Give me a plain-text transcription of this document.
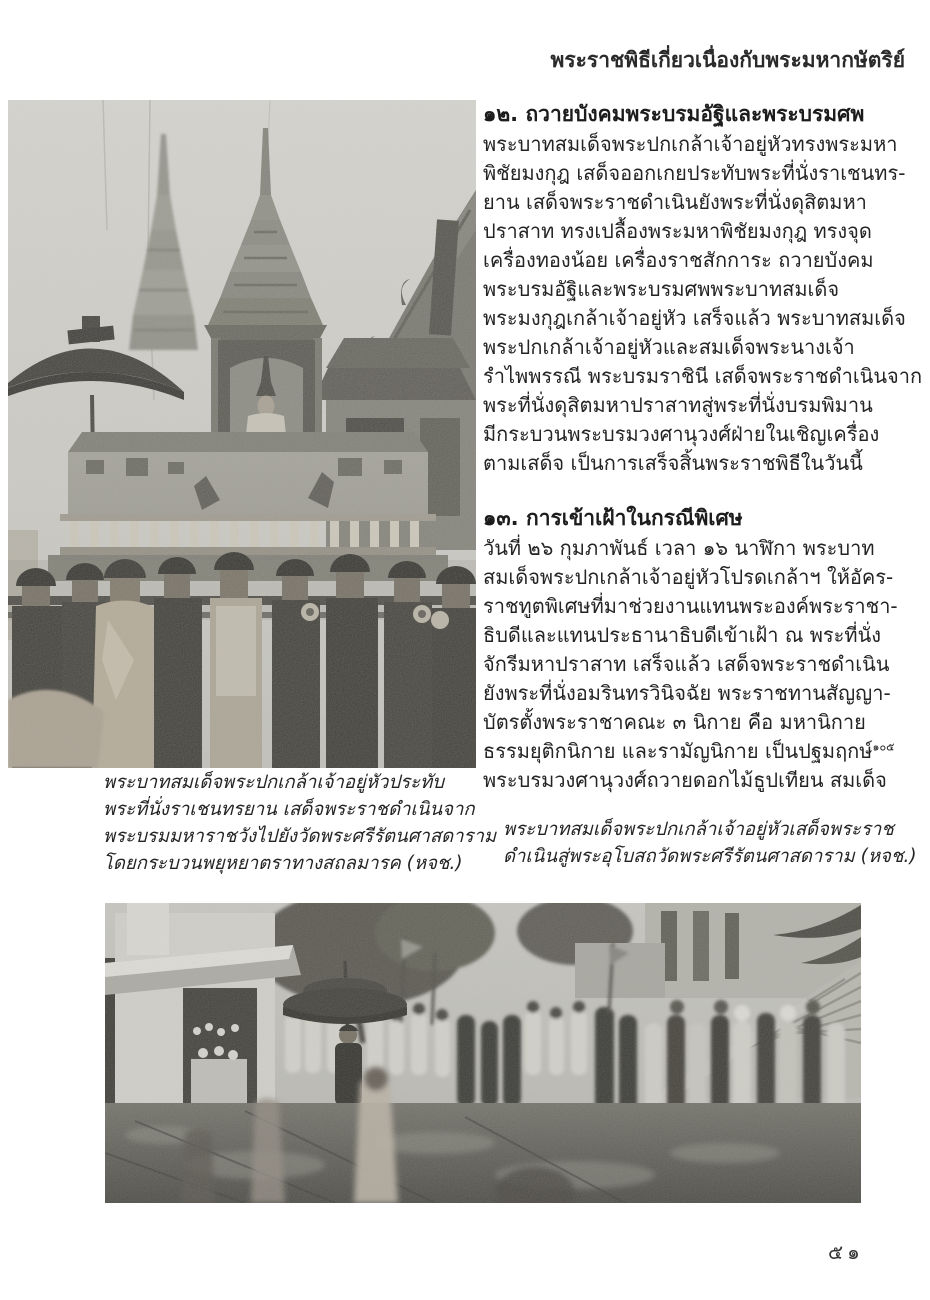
พระราชพิธีเกี่ยวเนื่องกับพระมหากษัตริย์
๑๒. ถวายบังคมพระบรมอัฐิและพระบรมศพ
พระบาทสมเด็จพระปกเกล้าเจ้าอยู่หัวทรงพระมหา
พิชัยมงกุฎ เสด็จออกเกยประทับพระที่นั่งราเชนทร-
ยาน เสด็จพระราชดำเนินยังพระที่นั่งดุสิตมหา
ปราสาท ทรงเปลื้องพระมหาพิชัยมงกุฎ ทรงจุด
เครื่องทองน้อย เครื่องราชสักการะ ถวายบังคม
พระบรมอัฐิและพระบรมศพพระบาทสมเด็จ
พระมงกุฎเกล้าเจ้าอยู่หัว เสร็จแล้ว พระบาทสมเด็จ
พระปกเกล้าเจ้าอยู่หัวและสมเด็จพระนางเจ้า
รำไพพรรณี พระบรมราชินี เสด็จพระราชดำเนินจาก
พระที่นั่งดุสิตมหาปราสาทสู่พระที่นั่งบรมพิมาน
มีกระบวนพระบรมวงศานุวงศ์ฝ่ายในเชิญเครื่อง
ตามเสด็จ เป็นการเสร็จสิ้นพระราชพิธีในวันนี้
๑๓. การเข้าเฝ้าในกรณีพิเศษ
วันที่ ๒๖ กุมภาพันธ์ เวลา ๑๖ นาฬิกา พระบาท
สมเด็จพระปกเกล้าเจ้าอยู่หัวโปรดเกล้าฯ ให้อัคร-
ราชทูตพิเศษที่มาช่วยงานแทนพระองค์พระราชา-
ธิบดีและแทนประธานาธิบดีเข้าเฝ้า ณ พระที่นั่ง
จักรีมหาปราสาท เสร็จแล้ว เสด็จพระราชดำเนิน
ยังพระที่นั่งอมรินทรวินิจฉัย พระราชทานสัญญา-
บัตรตั้งพระราชาคณะ ๓ นิกาย คือ มหานิกาย
ธรรมยุติกนิกาย และรามัญนิกาย เป็นปฐมฤกษ์$^{๑๐๕}$
พระบรมวงศานุวงศ์ถวายดอกไม้ธูปเทียน สมเด็จ
พระบาทสมเด็จพระปกเกล้าเจ้าอยู่หัวประทับ
พระที่นั่งราเชนทรยาน เสด็จพระราชดำเนินจาก
พระบรมมหาราชวังไปยังวัดพระศรีรัตนศาสดาราม
โดยกระบวนพยุหยาตราทางสถลมารค (หจช.)
พระบาทสมเด็จพระปกเกล้าเจ้าอยู่หัวเสด็จพระราช
ดำเนินสู่พระอุโบสถวัดพระศรีรัตนศาสดาราม (หจช.)
๕๑
